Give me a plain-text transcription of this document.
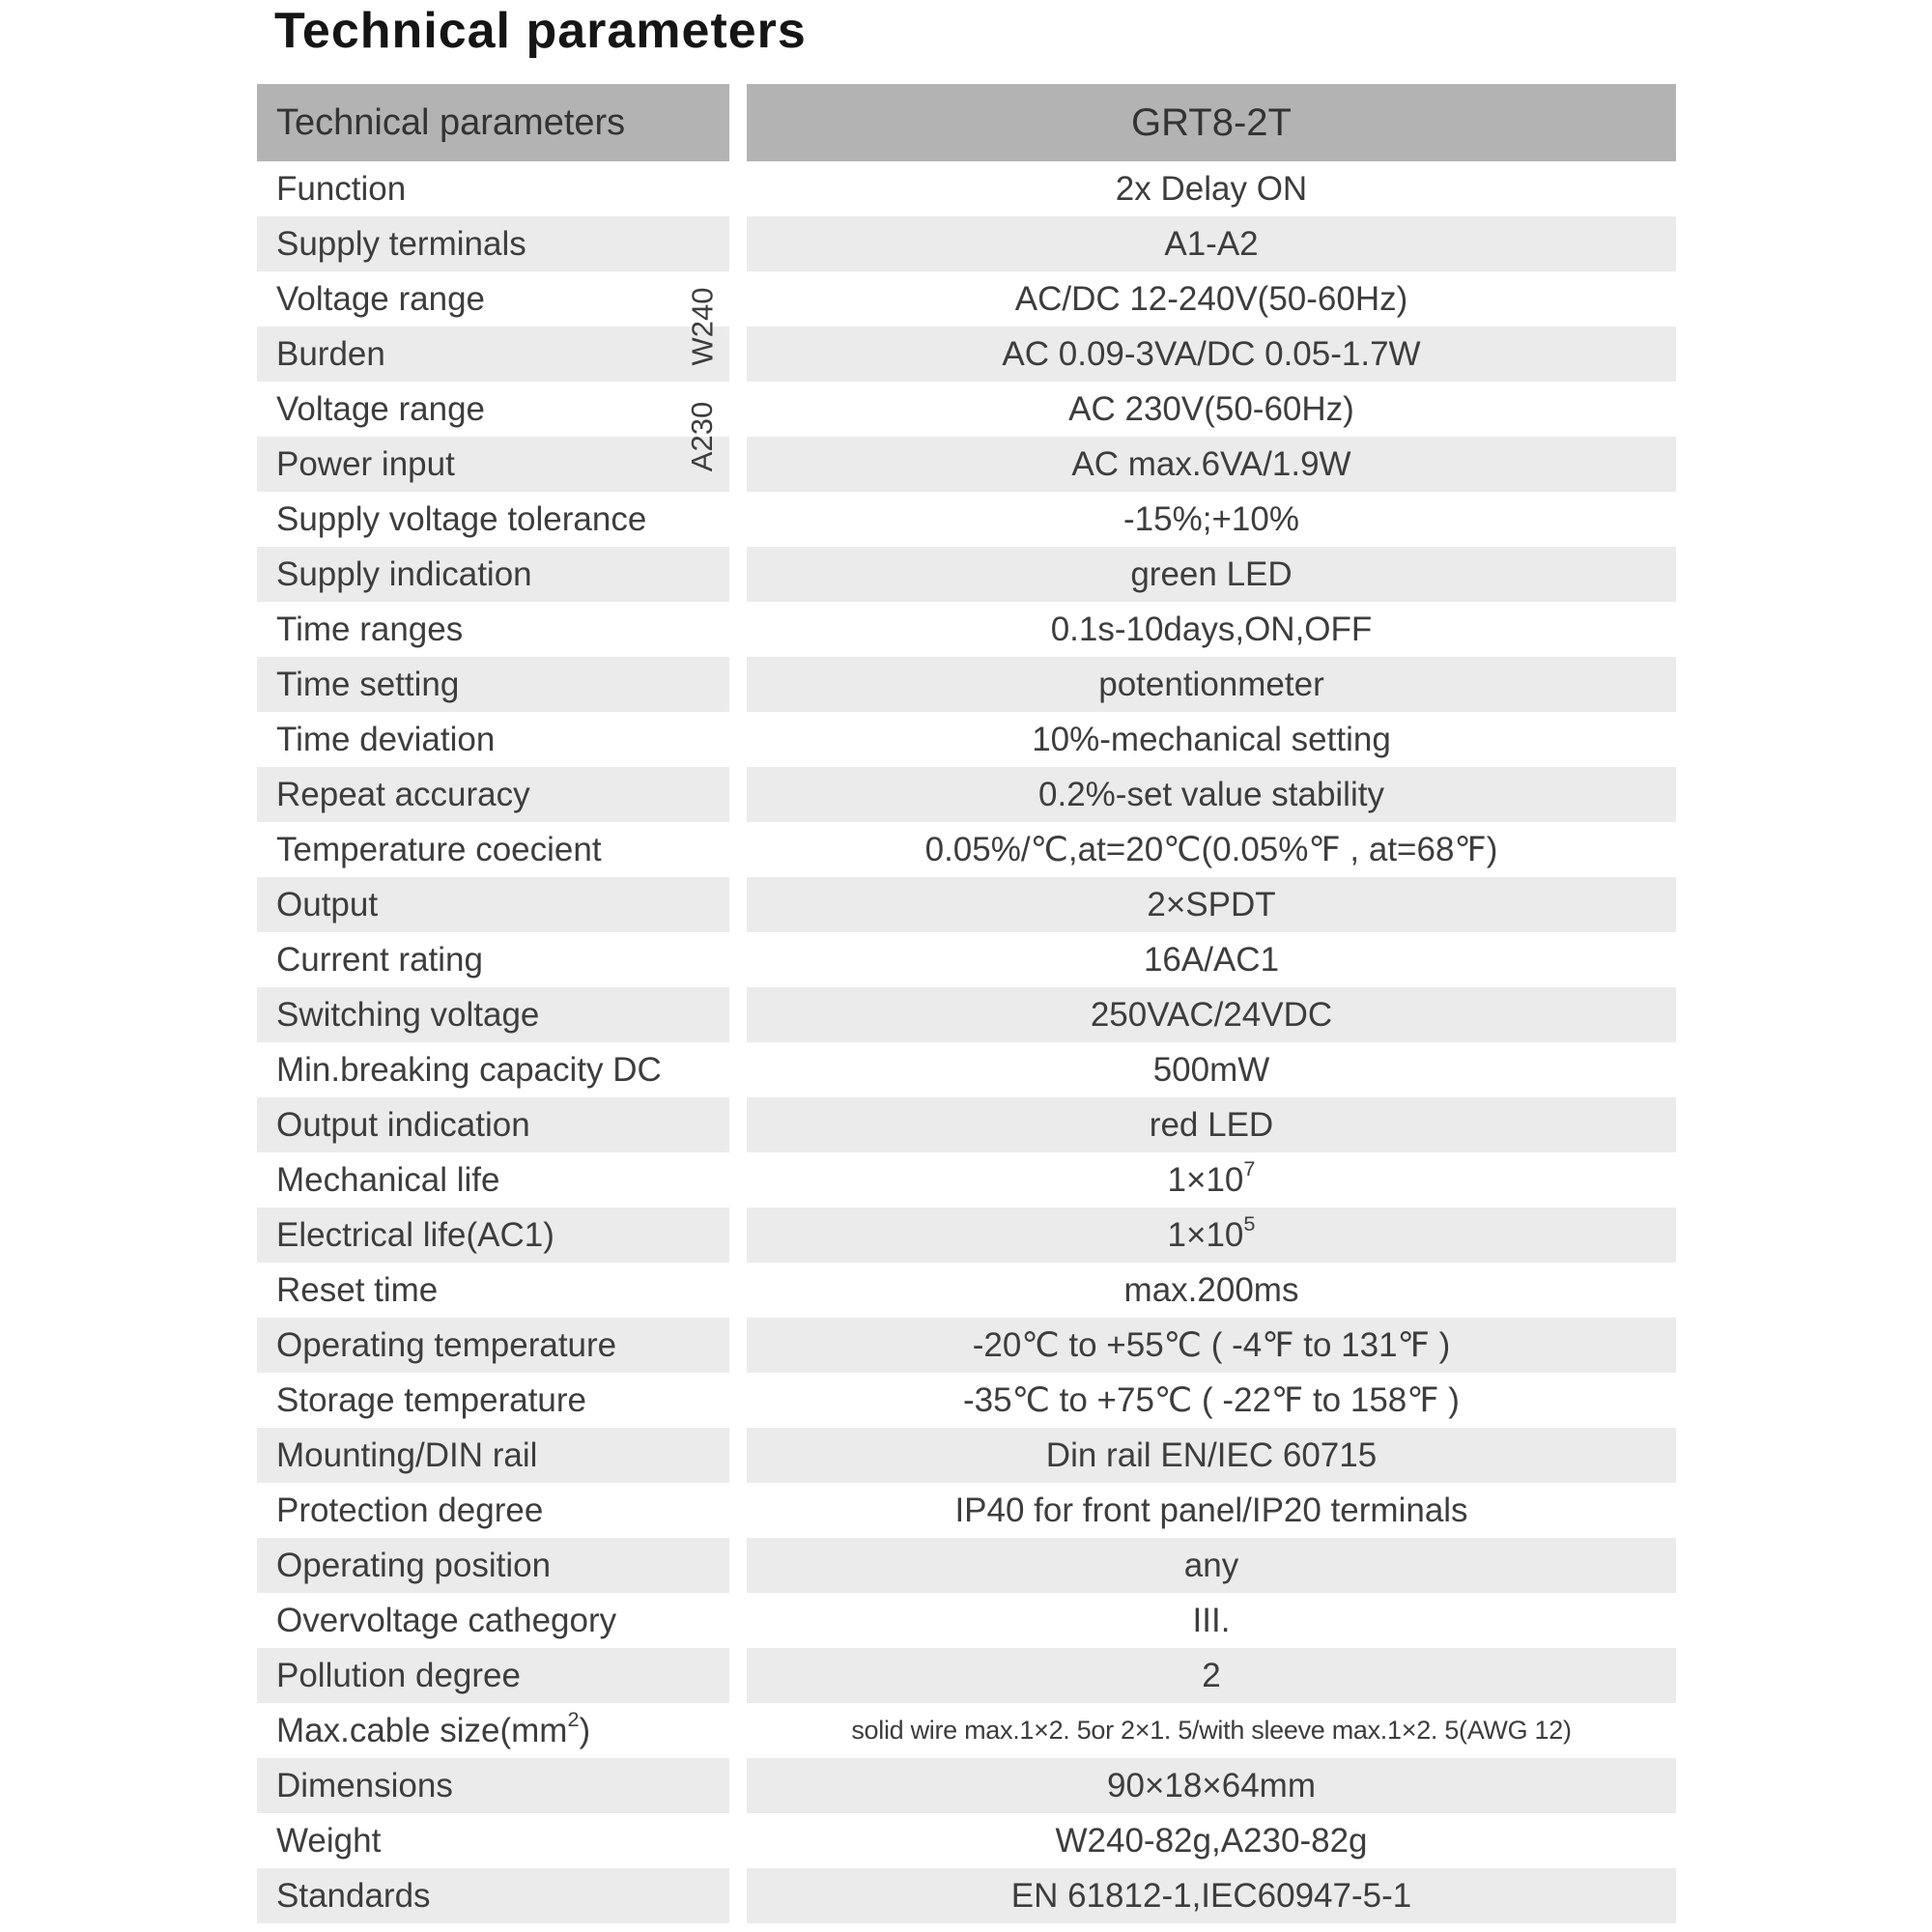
Technical parameters
Technical parameters	GRT8-2T
Function	2x Delay ON
Supply terminals	A1-A2
Voltage range	AC/DC 12-240V(50-60Hz)
Burden	AC 0.09-3VA/DC 0.05-1.7W
Voltage range	AC 230V(50-60Hz)
Power input	AC max.6VA/1.9W
Supply voltage tolerance	-15%;+10%
Supply indication	green LED
Time ranges	0.1s-10days,ON,OFF
Time setting	potentionmeter
Time deviation	10%-mechanical setting
Repeat accuracy	0.2%-set value stability
Temperature coecient	0.05%/℃,at=20℃(0.05%℉ , at=68℉)
Output	2×SPDT
Current rating	16A/AC1
Switching voltage	250VAC/24VDC
Min.breaking capacity DC	500mW
Output indication	red LED
Mechanical life	1×10 7
Electrical life(AC1)	1×10 5
Reset time	max.200ms
Operating temperature	-20℃ to +55℃ ( -4℉ to 131℉ )
Storage temperature	-35℃ to +75℃ ( -22℉ to 158℉ )
Mounting/DIN rail	Din rail EN/IEC 60715
Protection degree	IP40 for front panel/IP20 terminals
Operating position	any
Overvoltage cathegory	III.
Pollution degree	2
Max.cable size(mm 2 )	solid wire max.1×2. 5or 2×1. 5/with sleeve max.1×2. 5(AWG 12)
Dimensions	90×18×64mm
Weight	W240-82g,A230-82g
Standards	EN 61812-1,IEC60947-5-1
W240
A230
